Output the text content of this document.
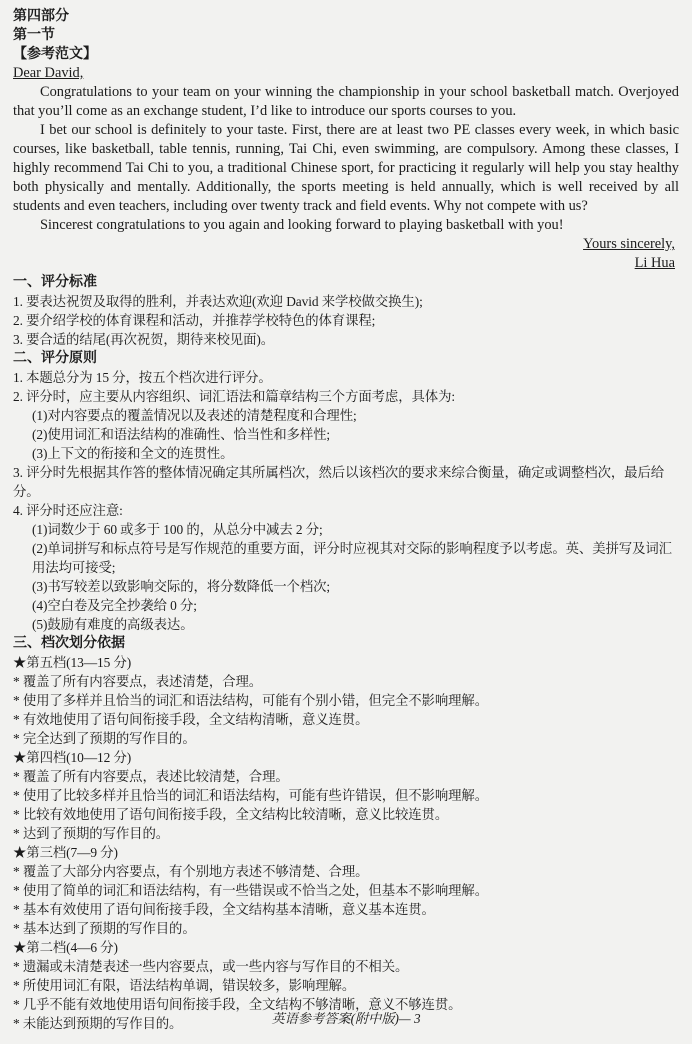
第四部分
第一节
【参考范文】
Dear David,

Congratulations to your team on your winning the championship in your school basketball match. Overjoyed that you’ll come as an exchange student, I’d like to introduce our sports courses to you.

I bet our school is definitely to your taste. First, there are at least two PE classes every week, in which basic courses, like basketball, table tennis, running, Tai Chi, even swimming, are compulsory. Among these classes, I highly recommend Tai Chi to you, a traditional Chinese sport, for practicing it regularly will help you stay healthy both physically and mentally. Additionally, the sports meeting is held annually, which is well received by all students and even teachers, including over twenty track and field events. Why not compete with us?

Sincerest congratulations to you again and looking forward to playing basketball with you!

Yours sincerely,
Li Hua
一、评分标准
1. 要表达祝贺及取得的胜利，并表达欢迎(欢迎 David 来学校做交换生);
2. 要介绍学校的体育课程和活动，并推荐学校特色的体育课程;
3. 要合适的结尾(再次祝贺，期待来校见面)。
二、评分原则
1. 本题总分为 15 分，按五个档次进行评分。
2. 评分时，应主要从内容组织、词汇语法和篇章结构三个方面考虑，具体为:
(1)对内容要点的覆盖情况以及表述的清楚程度和合理性;
(2)使用词汇和语法结构的准确性、恰当性和多样性;
(3)上下文的衔接和全文的连贯性。
3. 评分时先根据其作答的整体情况确定其所属档次，然后以该档次的要求来综合衡量，确定或调整档次，最后给分。
4. 评分时还应注意:
(1)词数少于 60 或多于 100 的，从总分中减去 2 分;
(2)单词拼写和标点符号是写作规范的重要方面，评分时应视其对交际的影响程度予以考虑。英、美拼写及词汇用法均可接受;
(3)书写较差以致影响交际的，将分数降低一个档次;
(4)空白卷及完全抄袭给 0 分;
(5)鼓励有难度的高级表达。
三、档次划分依据
★第五档(13—15 分)
* 覆盖了所有内容要点，表述清楚，合理。
* 使用了多样并且恰当的词汇和语法结构，可能有个别小错，但完全不影响理解。
* 有效地使用了语句间衔接手段，全文结构清晰，意义连贯。
* 完全达到了预期的写作目的。
★第四档(10—12 分)
* 覆盖了所有内容要点，表述比较清楚，合理。
* 使用了比较多样并且恰当的词汇和语法结构，可能有些许错误，但不影响理解。
* 比较有效地使用了语句间衔接手段，全文结构比较清晰，意义比较连贯。
* 达到了预期的写作目的。
★第三档(7—9 分)
* 覆盖了大部分内容要点，有个别地方表述不够清楚、合理。
* 使用了简单的词汇和语法结构，有一些错误或不恰当之处，但基本不影响理解。
* 基本有效使用了语句间衔接手段，全文结构基本清晰，意义基本连贯。
* 基本达到了预期的写作目的。
★第二档(4—6 分)
* 遗漏或未清楚表述一些内容要点，或一些内容与写作目的不相关。
* 所使用词汇有限，语法结构单调，错误较多，影响理解。
* 几乎不能有效地使用语句间衔接手段，全文结构不够清晰，意义不够连贯。
* 未能达到预期的写作目的。	英语参考答案(附中版)— 3
